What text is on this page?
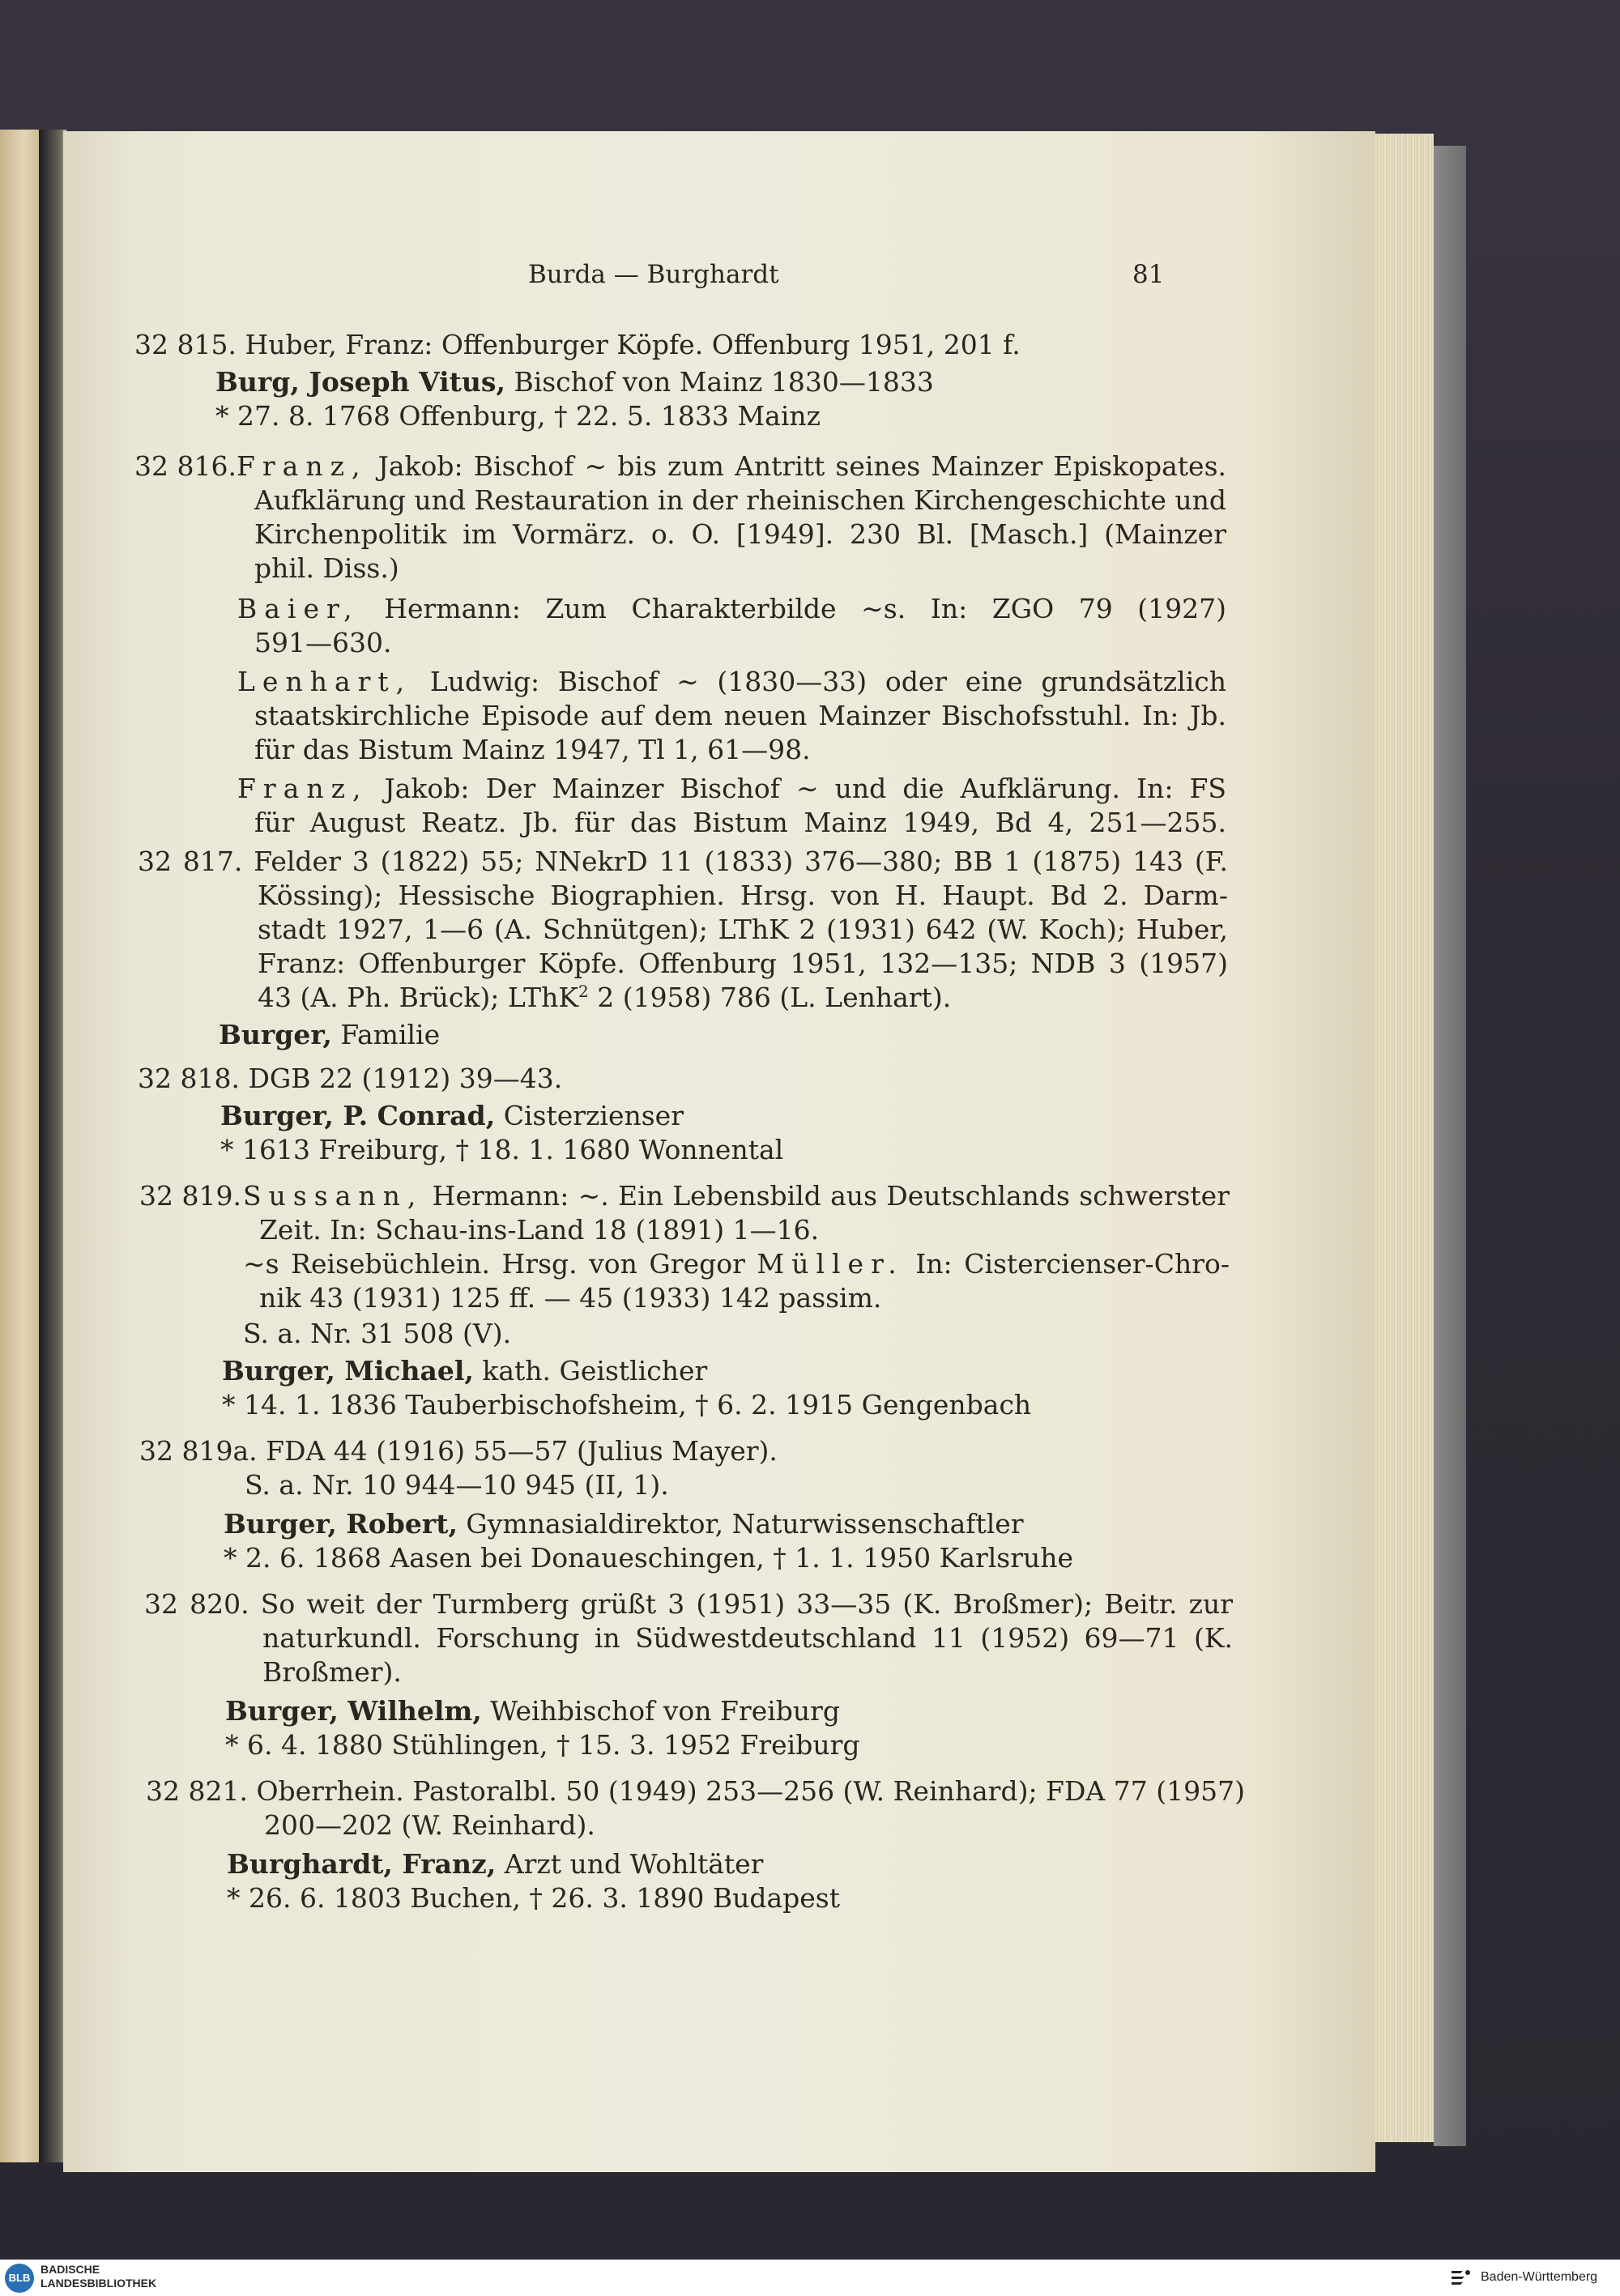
Burda — Burghardt	81
32 815. Huber, Franz: Offenburger Köpfe. Offenburg 1951, 201 f.
Burg, Joseph Vitus, Bischof von Mainz 1830—1833
* 27. 8. 1768 Offenburg, † 22. 5. 1833 Mainz
32 816. Franz, Jakob: Bischof ∼ bis zum Antritt seines Mainzer Episkopates.
Aufklärung und Restauration in der rheinischen Kirchengeschichte und
Kirchenpolitik im Vormärz. o. O. [1949]. 230 Bl. [Masch.] (Mainzer
phil. Diss.)
Baier, Hermann: Zum Charakterbilde ∼s. In: ZGO 79 (1927)
591—630.
Lenhart, Ludwig: Bischof ∼ (1830—33) oder eine grundsätzlich
staatskirchliche Episode auf dem neuen Mainzer Bischofsstuhl. In: Jb.
für das Bistum Mainz 1947, Tl 1, 61—98.
Franz, Jakob: Der Mainzer Bischof ∼ und die Aufklärung. In: FS
für August Reatz. Jb. für das Bistum Mainz 1949, Bd 4, 251—255.
32 817. Felder 3 (1822) 55; NNekrD 11 (1833) 376—380; BB 1 (1875) 143 (F.
Kössing); Hessische Biographien. Hrsg. von H. Haupt. Bd 2. Darm-
stadt 1927, 1—6 (A. Schnütgen); LThK 2 (1931) 642 (W. Koch); Huber,
Franz: Offenburger Köpfe. Offenburg 1951, 132—135; NDB 3 (1957)
43 (A. Ph. Brück); LThK$^2$ 2 (1958) 786 (L. Lenhart).
Burger, Familie
32 818. DGB 22 (1912) 39—43.
Burger, P. Conrad, Cisterzienser
* 1613 Freiburg, † 18. 1. 1680 Wonnental
32 819. Sussann, Hermann: ∼. Ein Lebensbild aus Deutschlands schwerster
Zeit. In: Schau-ins-Land 18 (1891) 1—16.
∼s Reisebüchlein. Hrsg. von Gregor Müller. In: Cistercienser-Chro-
nik 43 (1931) 125 ff. — 45 (1933) 142 passim.
S. a. Nr. 31 508 (V).
Burger, Michael, kath. Geistlicher
* 14. 1. 1836 Tauberbischofsheim, † 6. 2. 1915 Gengenbach
32 819a. FDA 44 (1916) 55—57 (Julius Mayer).
S. a. Nr. 10 944—10 945 (II, 1).
Burger, Robert, Gymnasialdirektor, Naturwissenschaftler
* 2. 6. 1868 Aasen bei Donaueschingen, † 1. 1. 1950 Karlsruhe
32 820. So weit der Turmberg grüßt 3 (1951) 33—35 (K. Broßmer); Beitr. zur
naturkundl. Forschung in Südwestdeutschland 11 (1952) 69—71 (K.
Broßmer).
Burger, Wilhelm, Weihbischof von Freiburg
* 6. 4. 1880 Stühlingen, † 15. 3. 1952 Freiburg
32 821. Oberrhein. Pastoralbl. 50 (1949) 253—256 (W. Reinhard); FDA 77 (1957)
200—202 (W. Reinhard).
Burghardt, Franz, Arzt und Wohltäter
* 26. 6. 1803 Buchen, † 26. 3. 1890 Budapest
BLB
BADISCHE
LANDESBIBLIOTHEK	Baden-Württemberg
